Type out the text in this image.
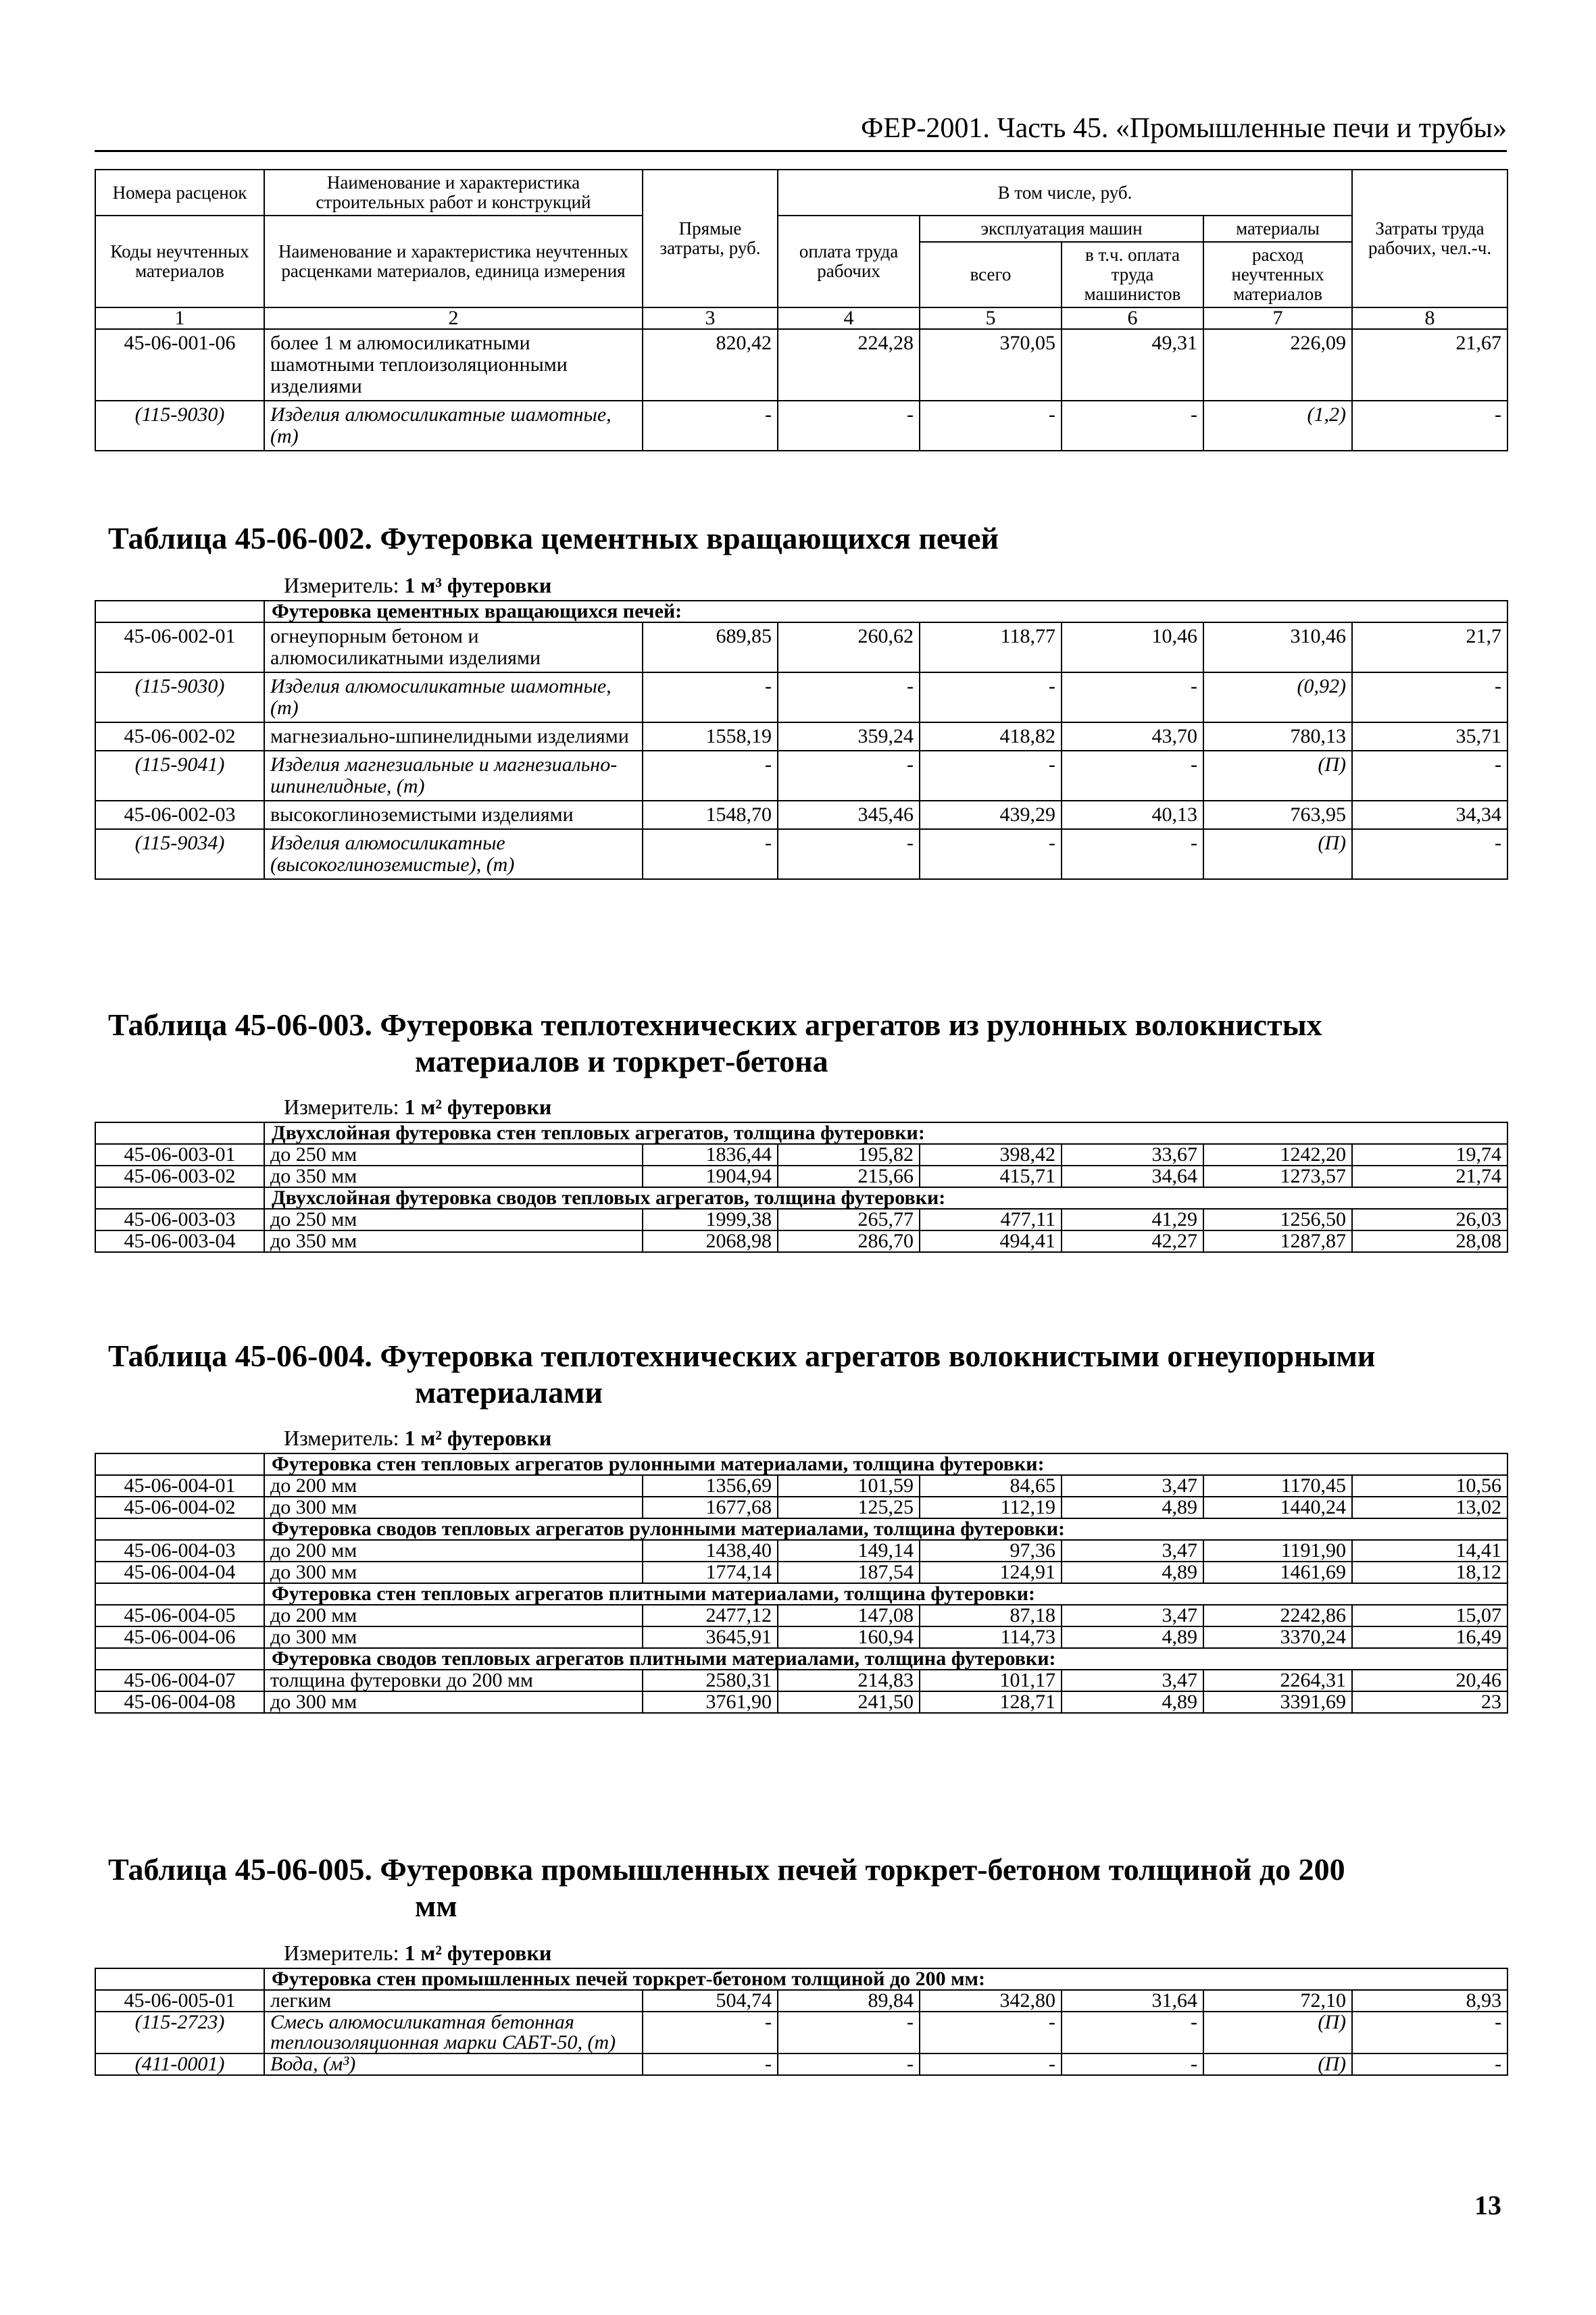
ФЕР-2001. Часть 45. «Промышленные печи и трубы»
Номера расценок	Наименование и характеристика строительных работ и конструкций	Прямые затраты, руб.	В том числе, руб.				Затраты труда рабочих, чел.-ч.
Коды неучтенных материалов	Наименование и характеристика неучтенных расценками материалов, единица измерения		оплата труда рабочих	эксплуатация машин		материалы	
				всего	в т.ч. оплата труда машинистов	расход неучтенных материалов	
1	2	3	4	5	6	7	8
45-06-001-06	более 1 м алюмосиликатными шамотными теплоизоляционными изделиями	820,42	224,28	370,05	49,31	226,09	21,67
(115-9030)	Изделия алюмосиликатные шамотные, (т)	-	-	-	-	(1,2)	-
Таблица 45-06-002. Футеровка цементных вращающихся печей
Измеритель: 1 м³ футеровки
	Футеровка цементных вращающихся печей:						
45-06-002-01	огнеупорным бетоном и алюмосиликатными изделиями	689,85	260,62	118,77	10,46	310,46	21,7
(115-9030)	Изделия алюмосиликатные шамотные, (т)	-	-	-	-	(0,92)	-
45-06-002-02	магнезиально-шпинелидными изделиями	1558,19	359,24	418,82	43,70	780,13	35,71
(115-9041)	Изделия магнезиальные и магнезиально-шпинелидные, (т)	-	-	-	-	(П)	-
45-06-002-03	высокоглиноземистыми изделиями	1548,70	345,46	439,29	40,13	763,95	34,34
(115-9034)	Изделия алюмосиликатные (высокоглиноземистые), (т)	-	-	-	-	(П)	-
Таблица 45-06-003. Футеровка теплотехнических агрегатов из рулонных волокнистых
материалов и торкрет-бетона
Измеритель: 1 м² футеровки
	Двухслойная футеровка стен тепловых агрегатов, толщина футеровки:						
45-06-003-01	до 250 мм	1836,44	195,82	398,42	33,67	1242,20	19,74
45-06-003-02	до 350 мм	1904,94	215,66	415,71	34,64	1273,57	21,74
	Двухслойная футеровка сводов тепловых агрегатов, толщина футеровки:						
45-06-003-03	до 250 мм	1999,38	265,77	477,11	41,29	1256,50	26,03
45-06-003-04	до 350 мм	2068,98	286,70	494,41	42,27	1287,87	28,08
Таблица 45-06-004. Футеровка теплотехнических агрегатов волокнистыми огнеупорными
материалами
Измеритель: 1 м² футеровки
	Футеровка стен тепловых агрегатов рулонными материалами, толщина футеровки:						
45-06-004-01	до 200 мм	1356,69	101,59	84,65	3,47	1170,45	10,56
45-06-004-02	до 300 мм	1677,68	125,25	112,19	4,89	1440,24	13,02
	Футеровка сводов тепловых агрегатов рулонными материалами, толщина футеровки:						
45-06-004-03	до 200 мм	1438,40	149,14	97,36	3,47	1191,90	14,41
45-06-004-04	до 300 мм	1774,14	187,54	124,91	4,89	1461,69	18,12
	Футеровка стен тепловых агрегатов плитными материалами, толщина футеровки:						
45-06-004-05	до 200 мм	2477,12	147,08	87,18	3,47	2242,86	15,07
45-06-004-06	до 300 мм	3645,91	160,94	114,73	4,89	3370,24	16,49
	Футеровка сводов тепловых агрегатов плитными материалами, толщина футеровки:						
45-06-004-07	толщина футеровки до 200 мм	2580,31	214,83	101,17	3,47	2264,31	20,46
45-06-004-08	до 300 мм	3761,90	241,50	128,71	4,89	3391,69	23
Таблица 45-06-005. Футеровка промышленных печей торкрет-бетоном толщиной до 200
мм
Измеритель: 1 м² футеровки
	Футеровка стен промышленных печей торкрет-бетоном толщиной до 200 мм:						
45-06-005-01	легким	504,74	89,84	342,80	31,64	72,10	8,93
(115-2723)	Смесь алюмосиликатная бетонная теплоизоляционная марки САБТ-50, (т)	-	-	-	-	(П)	-
(411-0001)	Вода, (м³)	-	-	-	-	(П)	-
13
